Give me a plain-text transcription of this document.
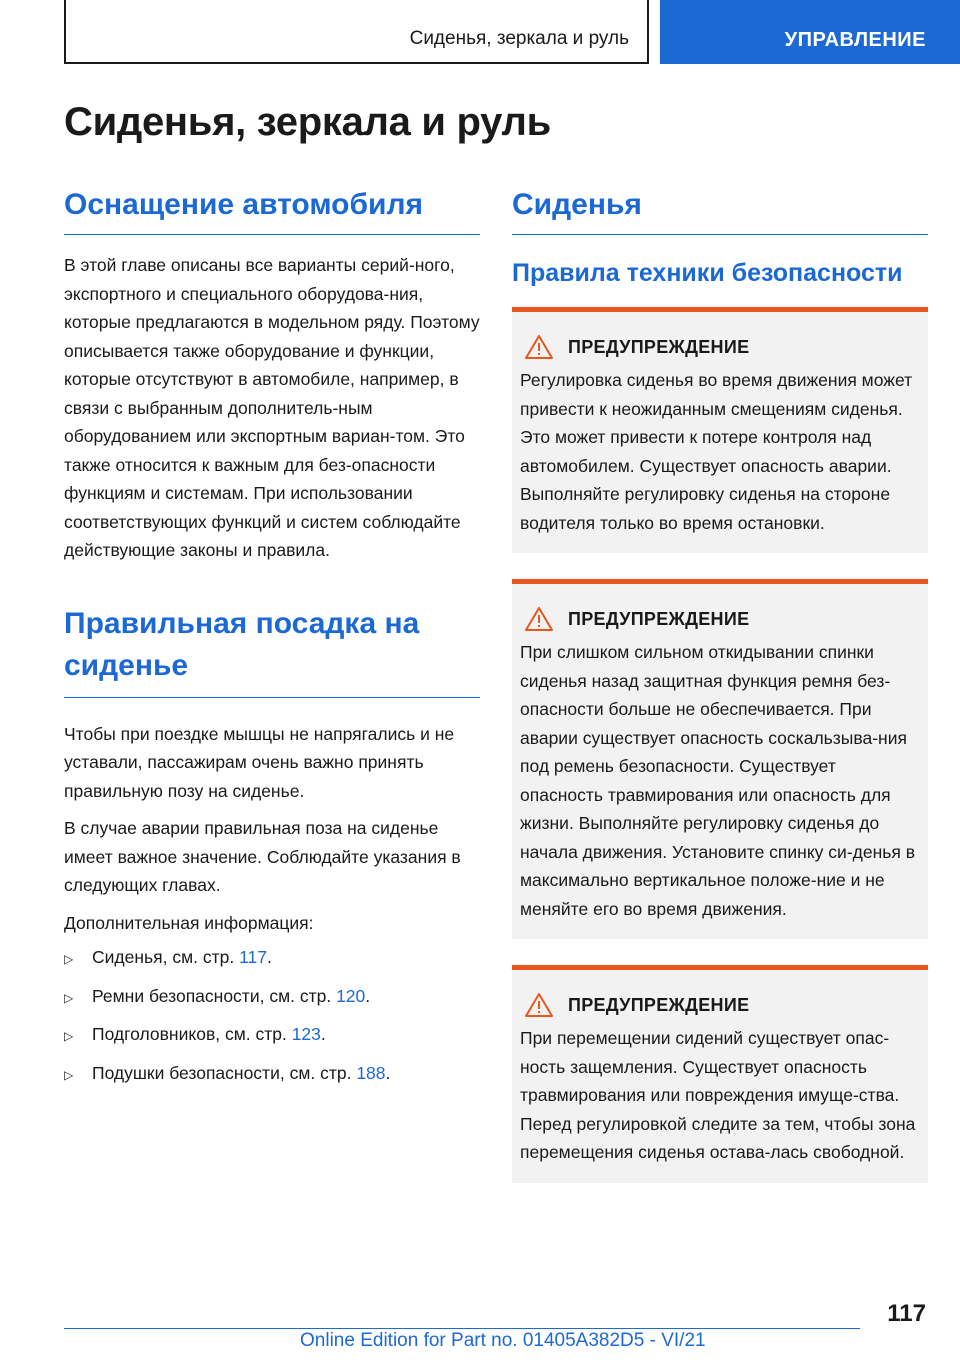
Сиденья, зеркала и руль	УПРАВЛЕНИЕ
Сиденья, зеркала и руль
Оснащение автомобиля

В этой главе описаны все варианты серий-ного, экспортного и специального оборудова-ния, которые предлагаются в модельном ряду. Поэтому описывается также оборудование и функции, которые отсутствуют в автомобиле, например, в связи с выбранным дополнитель-ным оборудованием или экспортным вариан-том. Это также относится к важным для без-опасности функциям и системам. При использовании соответствующих функций и систем соблюдайте действующие законы и правила.

Правильная посадка на сиденье

Чтобы при поездке мышцы не напрягались и не уставали, пассажирам очень важно принять правильную позу на сиденье.

В случае аварии правильная поза на сиденье имеет важное значение. Соблюдайте указания в следующих главах.

Дополнительная информация:

▷	Сиденья, см. стр. 117.
▷	Ремни безопасности, см. стр. 120.
▷	Подголовников, см. стр. 123.
▷	Подушки безопасности, см. стр. 188.
Сиденья
Правила техники безопасности
ПРЕДУПРЕЖДЕНИЕ

Регулировка сиденья во время движения может привести к неожиданным смещениям сиденья. Это может привести к потере контроля над автомобилем. Существует опасность аварии. Выполняйте регулировку сиденья на стороне водителя только во время остановки.

ПРЕДУПРЕЖДЕНИЕ

При слишком сильном откидывании спинки сиденья назад защитная функция ремня без-опасности больше не обеспечивается. При аварии существует опасность соскальзыва-ния под ремень безопасности. Существует опасность травмирования или опасность для жизни. Выполняйте регулировку сиденья до начала движения. Установите спинку си-денья в максимально вертикальное положе-ние и не меняйте его во время движения.

ПРЕДУПРЕЖДЕНИЕ

При перемещении сидений существует опас-ность защемления. Существует опасность травмирования или повреждения имуще-ства. Перед регулировкой следите за тем, чтобы зона перемещения сиденья остава-лась свободной.

117
Online Edition for Part no. 01405A382D5 - VI/21
